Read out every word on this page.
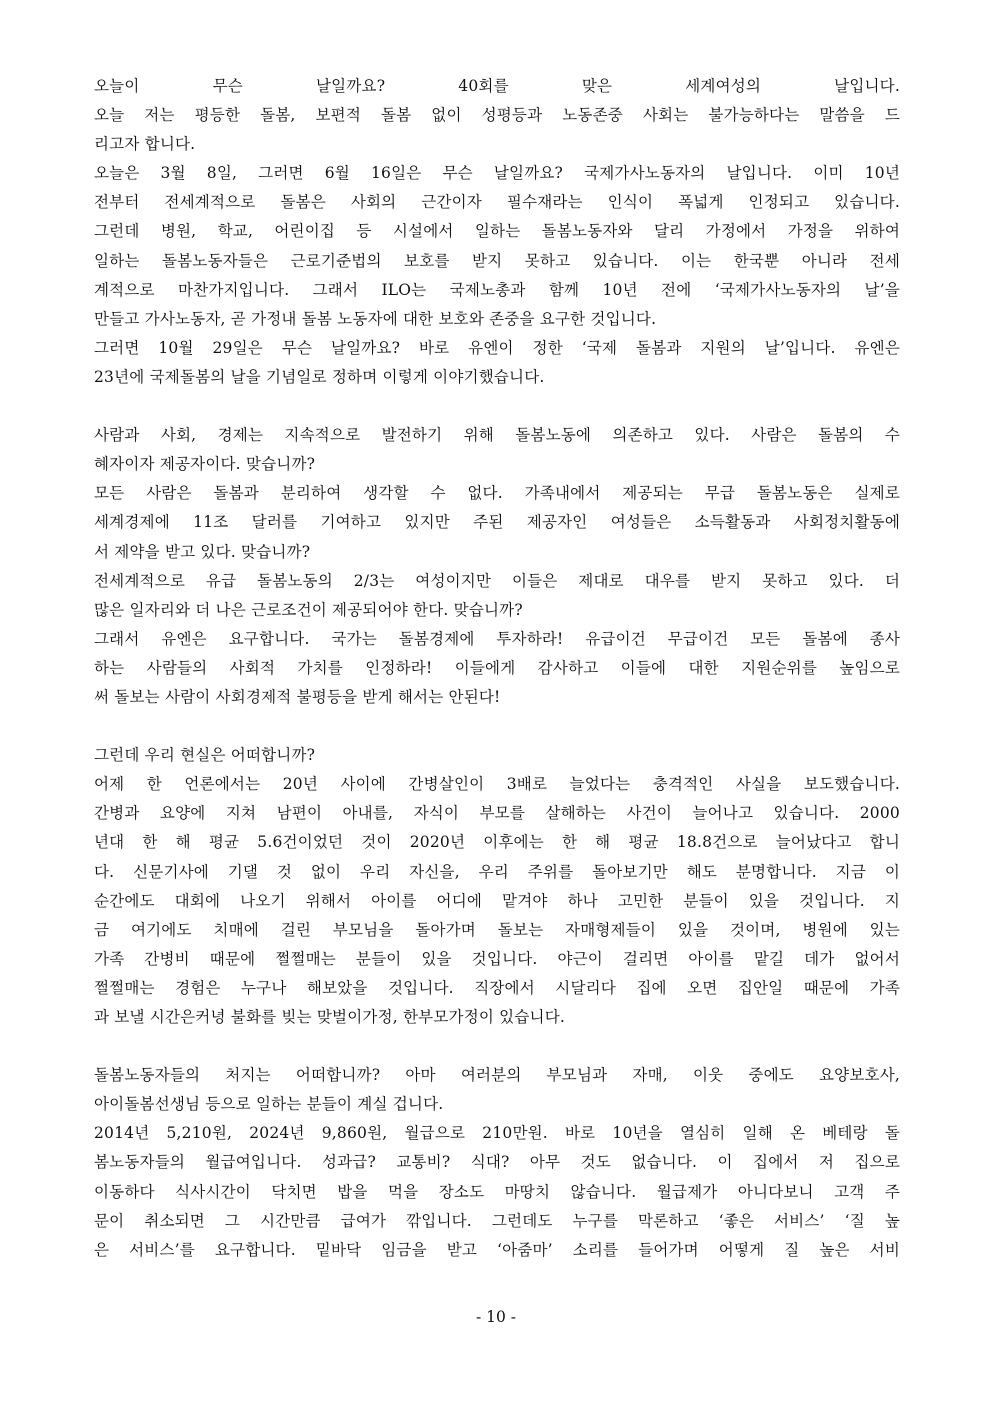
오늘이 무슨 날일까요? 40회를 맞은 세계여성의 날입니다.
오늘 저는 평등한 돌봄, 보편적 돌봄 없이 성평등과 노동존중 사회는 불가능하다는 말씀을 드
리고자 합니다.
오늘은 3월 8일, 그러면 6월 16일은 무슨 날일까요? 국제가사노동자의 날입니다. 이미 10년
전부터 전세계적으로 돌봄은 사회의 근간이자 필수재라는 인식이 폭넓게 인정되고 있습니다.
그런데 병원, 학교, 어린이집 등 시설에서 일하는 돌봄노동자와 달리 가정에서 가정을 위하여
일하는 돌봄노동자들은 근로기준법의 보호를 받지 못하고 있습니다. 이는 한국뿐 아니라 전세
계적으로 마찬가지입니다. 그래서 ILO는 국제노총과 함께 10년 전에 ‘국제가사노동자의 날’을
만들고 가사노동자, 곧 가정내 돌봄 노동자에 대한 보호와 존중을 요구한 것입니다.
그러면 10월 29일은 무슨 날일까요? 바로 유엔이 정한 ‘국제 돌봄과 지원의 날’입니다. 유엔은
23년에 국제돌봄의 날을 기념일로 정하며 이렇게 이야기했습니다.
사람과 사회, 경제는 지속적으로 발전하기 위해 돌봄노동에 의존하고 있다. 사람은 돌봄의 수
혜자이자 제공자이다. 맞습니까?
모든 사람은 돌봄과 분리하여 생각할 수 없다. 가족내에서 제공되는 무급 돌봄노동은 실제로
세계경제에 11조 달러를 기여하고 있지만 주된 제공자인 여성들은 소득활동과 사회정치활동에
서 제약을 받고 있다. 맞습니까?
전세계적으로 유급 돌봄노동의 2/3는 여성이지만 이들은 제대로 대우를 받지 못하고 있다. 더
많은 일자리와 더 나은 근로조건이 제공되어야 한다. 맞습니까?
그래서 유엔은 요구합니다. 국가는 돌봄경제에 투자하라! 유급이건 무급이건 모든 돌봄에 종사
하는 사람들의 사회적 가치를 인정하라! 이들에게 감사하고 이들에 대한 지원순위를 높임으로
써 돌보는 사람이 사회경제적 불평등을 받게 해서는 안된다!
그런데 우리 현실은 어떠합니까?
어제 한 언론에서는 20년 사이에 간병살인이 3배로 늘었다는 충격적인 사실을 보도했습니다.
간병과 요양에 지쳐 남편이 아내를, 자식이 부모를 살해하는 사건이 늘어나고 있습니다. 2000
년대 한 해 평균 5.6건이었던 것이 2020년 이후에는 한 해 평균 18.8건으로 늘어났다고 합니
다. 신문기사에 기댈 것 없이 우리 자신을, 우리 주위를 돌아보기만 해도 분명합니다. 지금 이
순간에도 대회에 나오기 위해서 아이를 어디에 맡겨야 하나 고민한 분들이 있을 것입니다. 지
금 여기에도 치매에 걸린 부모님을 돌아가며 돌보는 자매형제들이 있을 것이며, 병원에 있는
가족 간병비 때문에 쩔쩔매는 분들이 있을 것입니다. 야근이 걸리면 아이를 맡길 데가 없어서
쩔쩔매는 경험은 누구나 해보았을 것입니다. 직장에서 시달리다 집에 오면 집안일 때문에 가족
과 보낼 시간은커녕 불화를 빚는 맞벌이가정, 한부모가정이 있습니다.
돌봄노동자들의 처지는 어떠합니까? 아마 여러분의 부모님과 자매, 이웃 중에도 요양보호사,
아이돌봄선생님 등으로 일하는 분들이 계실 겁니다.
2014년 5,210원, 2024년 9,860원, 월급으로 210만원. 바로 10년을 열심히 일해 온 베테랑 돌
봄노동자들의 월급여입니다. 성과급? 교통비? 식대? 아무 것도 없습니다. 이 집에서 저 집으로
이동하다 식사시간이 닥치면 밥을 먹을 장소도 마땅치 않습니다. 월급제가 아니다보니 고객 주
문이 취소되면 그 시간만큼 급여가 깎입니다. 그런데도 누구를 막론하고 ‘좋은 서비스’ ‘질 높
은 서비스’를 요구합니다. 밑바닥 임금을 받고 ‘아줌마’ 소리를 들어가며 어떻게 질 높은 서비
- 10 -
